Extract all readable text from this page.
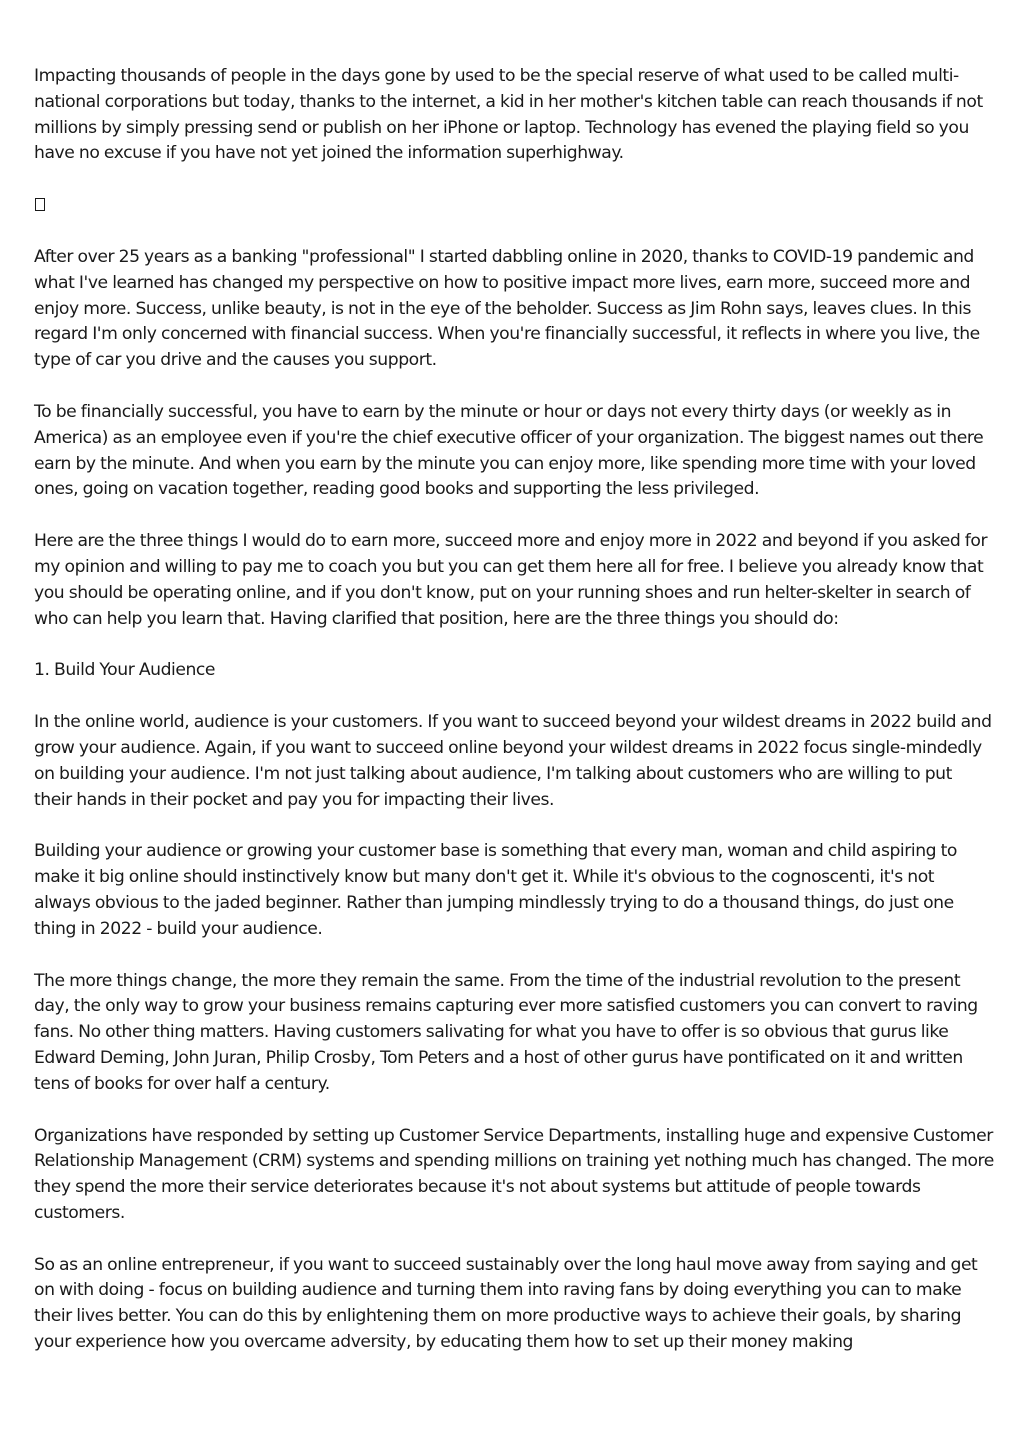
Impacting thousands of people in the days gone by used to be the special reserve of what used to be called multi-national corporations but today, thanks to the internet, a kid in her mother's kitchen table can reach thousands if not millions by simply pressing send or publish on her iPhone or laptop. Technology has evened the playing field so you have no excuse if you have not yet joined the information superhighway.

After over 25 years as a banking "professional" I started dabbling online in 2020, thanks to COVID-19 pandemic and what I've learned has changed my perspective on how to positive impact more lives, earn more, succeed more and enjoy more. Success, unlike beauty, is not in the eye of the beholder. Success as Jim Rohn says, leaves clues. In this regard I'm only concerned with financial success. When you're financially successful, it reflects in where you live, the type of car you drive and the causes you support.

To be financially successful, you have to earn by the minute or hour or days not every thirty days (or weekly as in America) as an employee even if you're the chief executive officer of your organization. The biggest names out there earn by the minute. And when you earn by the minute you can enjoy more, like spending more time with your loved ones, going on vacation together, reading good books and supporting the less privileged.

Here are the three things I would do to earn more, succeed more and enjoy more in 2022 and beyond if you asked for my opinion and willing to pay me to coach you but you can get them here all for free. I believe you already know that you should be operating online, and if you don't know, put on your running shoes and run helter-skelter in search of who can help you learn that. Having clarified that position, here are the three things you should do:

1. Build Your Audience

In the online world, audience is your customers. If you want to succeed beyond your wildest dreams in 2022 build and grow your audience. Again, if you want to succeed online beyond your wildest dreams in 2022 focus single-mindedly on building your audience. I'm not just talking about audience, I'm talking about customers who are willing to put their hands in their pocket and pay you for impacting their lives.

Building your audience or growing your customer base is something that every man, woman and child aspiring to make it big online should instinctively know but many don't get it. While it's obvious to the cognoscenti, it's not always obvious to the jaded beginner. Rather than jumping mindlessly trying to do a thousand things, do just one thing in 2022 - build your audience.

The more things change, the more they remain the same. From the time of the industrial revolution to the present day, the only way to grow your business remains capturing ever more satisfied customers you can convert to raving fans. No other thing matters. Having customers salivating for what you have to offer is so obvious that gurus like Edward Deming, John Juran, Philip Crosby, Tom Peters and a host of other gurus have pontificated on it and written tens of books for over half a century.

Organizations have responded by setting up Customer Service Departments, installing huge and expensive Customer Relationship Management (CRM) systems and spending millions on training yet nothing much has changed. The more they spend the more their service deteriorates because it's not about systems but attitude of people towards customers.

So as an online entrepreneur, if you want to succeed sustainably over the long haul move away from saying and get on with doing - focus on building audience and turning them into raving fans by doing everything you can to make their lives better. You can do this by enlightening them on more productive ways to achieve their goals, by sharing your experience how you overcame adversity, by educating them how to set up their money making
